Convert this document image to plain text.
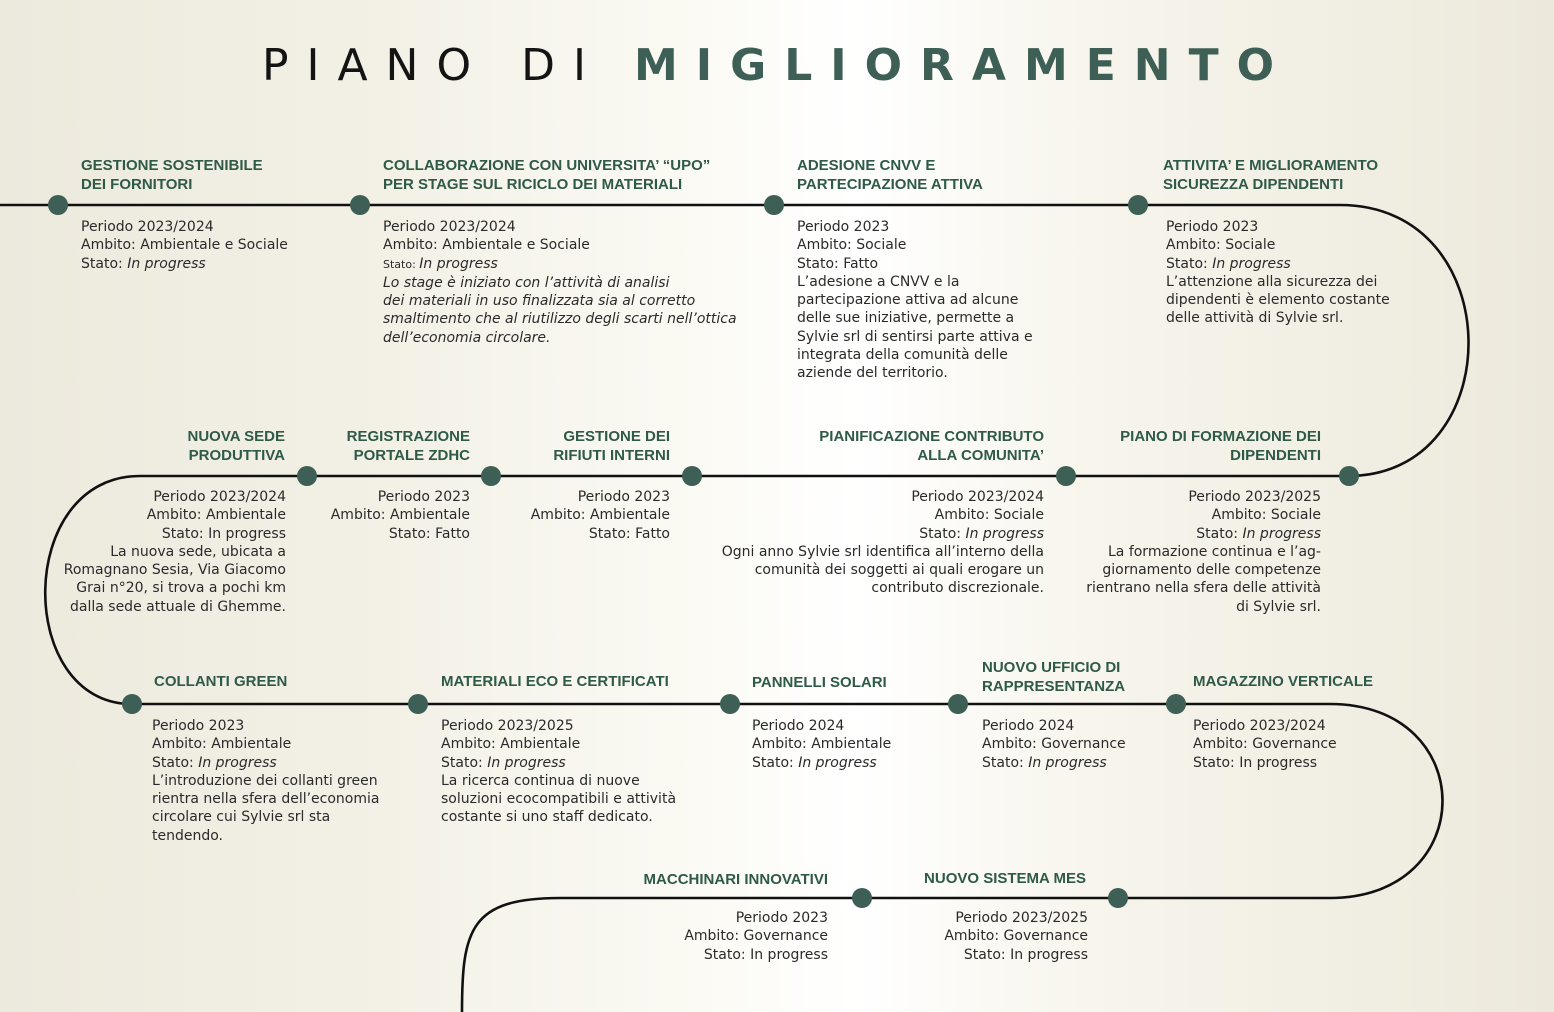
PIANO DI MIGLIORAMENTO
GESTIONE SOSTENIBILE
DEI FORNITORI
Periodo 2023/2024
Ambito: Ambientale e Sociale
Stato: In progress
COLLABORAZIONE CON UNIVERSITA’ “UPO”
PER STAGE SUL RICICLO DEI MATERIALI
Periodo 2023/2024
Ambito: Ambientale e Sociale
Stato: In progress
Lo stage è iniziato con l’attività di analisi
dei materiali in uso finalizzata sia al corretto
smaltimento che al riutilizzo degli scarti nell’ottica
dell’economia circolare.
ADESIONE CNVV E
PARTECIPAZIONE ATTIVA
Periodo 2023
Ambito: Sociale
Stato: Fatto
L’adesione a CNVV e la
partecipazione attiva ad alcune
delle sue iniziative, permette a
Sylvie srl di sentirsi parte attiva e
integrata della comunità delle
aziende del territorio.
ATTIVITA’ E MIGLIORAMENTO
SICUREZZA DIPENDENTI
Periodo 2023
Ambito: Sociale
Stato: In progress
L’attenzione alla sicurezza dei
dipendenti è elemento costante
delle attività di Sylvie srl.
NUOVA SEDE
PRODUTTIVA
Periodo 2023/2024
Ambito: Ambientale
Stato: In progress
La nuova sede, ubicata a
Romagnano Sesia, Via Giacomo
Grai n°20, si trova a pochi km
dalla sede attuale di Ghemme.
REGISTRAZIONE
PORTALE ZDHC
Periodo 2023
Ambito: Ambientale
Stato: Fatto
GESTIONE DEI
RIFIUTI INTERNI
Periodo 2023
Ambito: Ambientale
Stato: Fatto
PIANIFICAZIONE CONTRIBUTO
ALLA COMUNITA’
Periodo 2023/2024
Ambito: Sociale
Stato: In progress
Ogni anno Sylvie srl identifica all’interno della
comunità dei soggetti ai quali erogare un
contributo discrezionale.
PIANO DI FORMAZIONE DEI
DIPENDENTI
Periodo 2023/2025
Ambito: Sociale
Stato: In progress
La formazione continua e l’ag-
giornamento delle competenze
rientrano nella sfera delle attività
di Sylvie srl.
COLLANTI GREEN
Periodo 2023
Ambito: Ambientale
Stato: In progress
L’introduzione dei collanti green
rientra nella sfera dell’economia
circolare cui Sylvie srl sta tendendo.
MATERIALI ECO E CERTIFICATI
Periodo 2023/2025
Ambito: Ambientale
Stato: In progress
La ricerca continua di nuove
soluzioni ecocompatibili e attività
costante si uno staff dedicato.
PANNELLI SOLARI
Periodo 2024
Ambito: Ambientale
Stato: In progress
NUOVO UFFICIO DI
RAPPRESENTANZA
Periodo 2024
Ambito: Governance
Stato: In progress
MAGAZZINO VERTICALE
Periodo 2023/2024
Ambito: Governance
Stato: In progress
MACCHINARI INNOVATIVI
Periodo 2023
Ambito: Governance
Stato: In progress
NUOVO SISTEMA MES
Periodo 2023/2025
Ambito: Governance
Stato: In progress
